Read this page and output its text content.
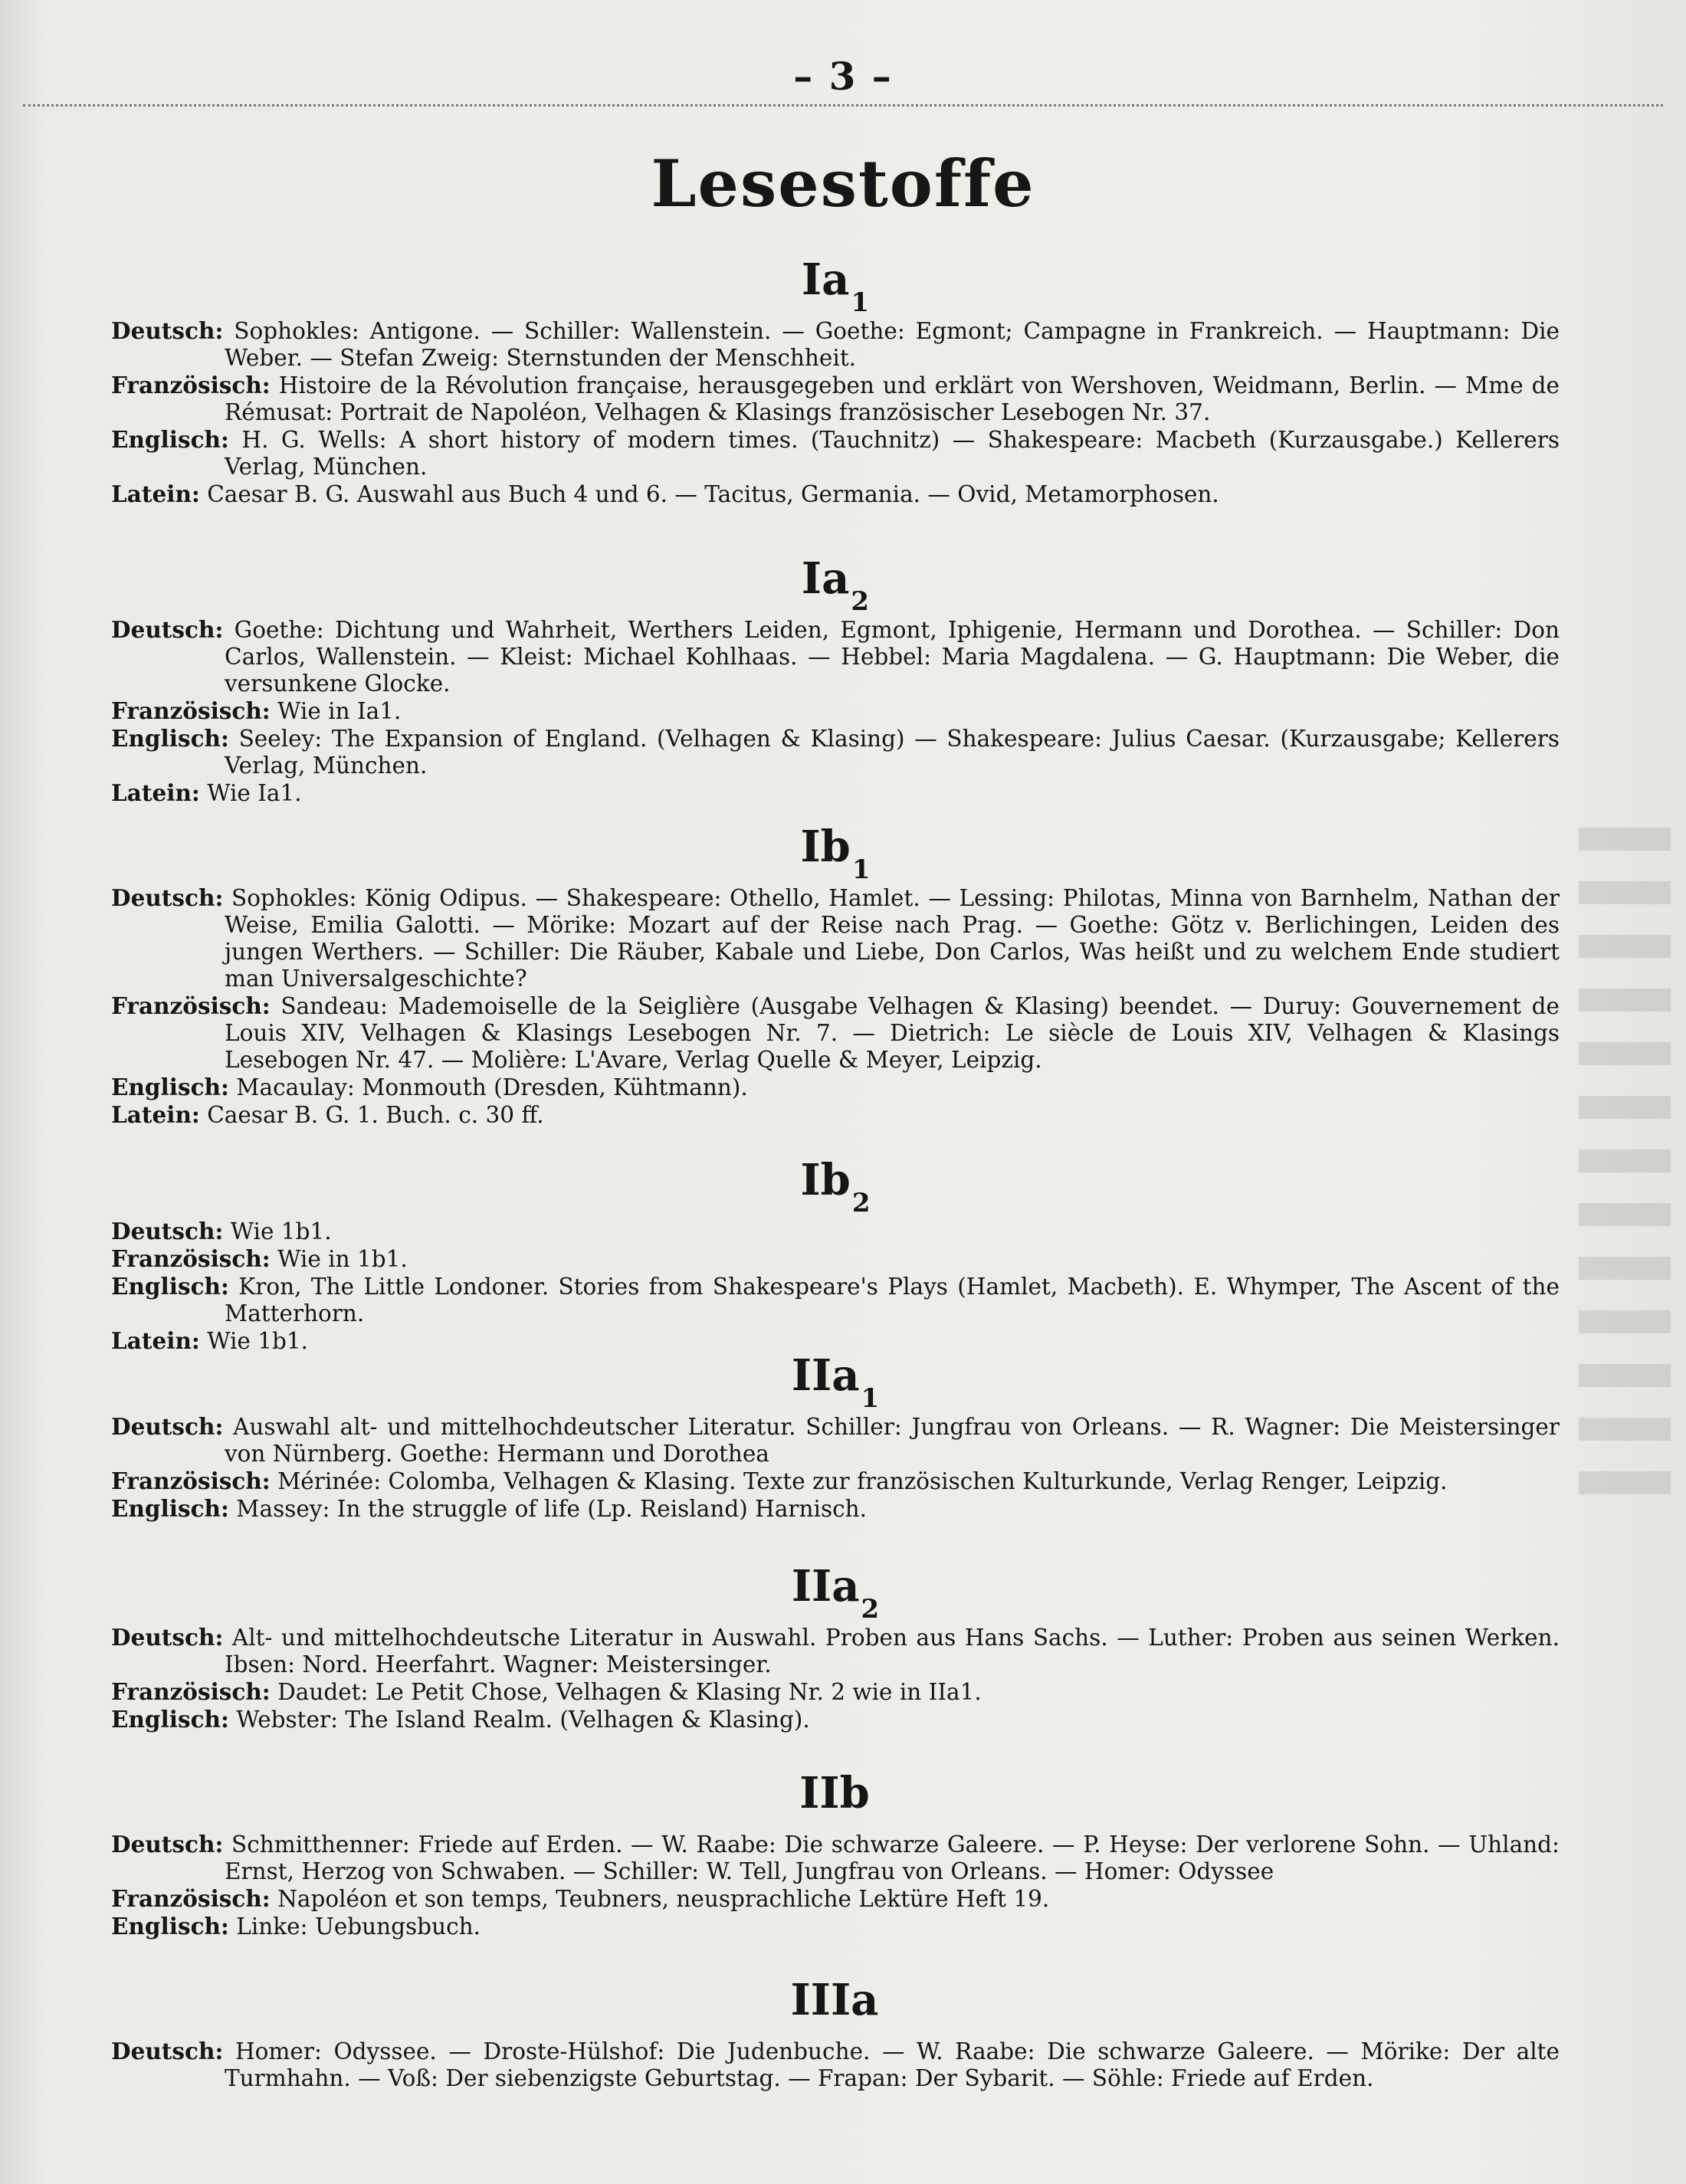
– 3 –
Lesestoffe
$Ia_1$
Deutsch: Sophokles: Antigone. — Schiller: Wallenstein. — Goethe: Egmont; Campagne in Frankreich. — Hauptmann: Die Weber. — Stefan Zweig: Sternstunden der Menschheit.
Französisch: Histoire de la Révolution française, herausgegeben und erklärt von Wershoven, Weidmann, Berlin. — Mme de Rémusat: Portrait de Napoléon, Velhagen & Klasings französischer Lesebogen Nr. 37.
Englisch: H. G. Wells: A short history of modern times. (Tauchnitz) — Shakespeare: Macbeth (Kurzausgabe.) Kellerers Verlag, München.
Latein: Caesar B. G. Auswahl aus Buch 4 und 6. — Tacitus, Germania. — Ovid, Metamorphosen.
$Ia_2$
Deutsch: Goethe: Dichtung und Wahrheit, Werthers Leiden, Egmont, Iphigenie, Hermann und Dorothea. — Schiller: Don Carlos, Wallenstein. — Kleist: Michael Kohlhaas. — Hebbel: Maria Magdalena. — G. Hauptmann: Die Weber, die versunkene Glocke.
Französisch: Wie in Ia1.
Englisch: Seeley: The Expansion of England. (Velhagen & Klasing) — Shakespeare: Julius Caesar. (Kurzausgabe; Kellerers Verlag, München.
Latein: Wie Ia1.
$Ib_1$
Deutsch: Sophokles: König Odipus. — Shakespeare: Othello, Hamlet. — Lessing: Philotas, Minna von Barnhelm, Nathan der Weise, Emilia Galotti. — Mörike: Mozart auf der Reise nach Prag. — Goethe: Götz v. Berlichingen, Leiden des jungen Werthers. — Schiller: Die Räuber, Kabale und Liebe, Don Carlos, Was heißt und zu welchem Ende studiert man Universalgeschichte?
Französisch: Sandeau: Mademoiselle de la Seiglière (Ausgabe Velhagen & Klasing) beendet. — Duruy: Gouvernement de Louis XIV, Velhagen & Klasings Lesebogen Nr. 7. — Dietrich: Le siècle de Louis XIV, Velhagen & Klasings Lesebogen Nr. 47. — Molière: L'Avare, Verlag Quelle & Meyer, Leipzig.
Englisch: Macaulay: Monmouth (Dresden, Kühtmann).
Latein: Caesar B. G. 1. Buch. c. 30 ff.
$Ib_2$
Deutsch: Wie 1b1.
Französisch: Wie in 1b1.
Englisch: Kron, The Little Londoner. Stories from Shakespeare's Plays (Hamlet, Macbeth). E. Whymper, The Ascent of the Matterhorn.
Latein: Wie 1b1.
IIa$_1$
Deutsch: Auswahl alt- und mittelhochdeutscher Literatur. Schiller: Jungfrau von Orleans. — R. Wagner: Die Meistersinger von Nürnberg. Goethe: Hermann und Dorothea
Französisch: Mérinée: Colomba, Velhagen & Klasing. Texte zur französischen Kulturkunde, Verlag Renger, Leipzig.
Englisch: Massey: In the struggle of life (Lp. Reisland) Harnisch.
IIa$_2$
Deutsch: Alt- und mittelhochdeutsche Literatur in Auswahl. Proben aus Hans Sachs. — Luther: Proben aus seinen Werken. Ibsen: Nord. Heerfahrt. Wagner: Meistersinger.
Französisch: Daudet: Le Petit Chose, Velhagen & Klasing Nr. 2 wie in IIa1.
Englisch: Webster: The Island Realm. (Velhagen & Klasing).
IIb
Deutsch: Schmitthenner: Friede auf Erden. — W. Raabe: Die schwarze Galeere. — P. Heyse: Der verlorene Sohn. — Uhland: Ernst, Herzog von Schwaben. — Schiller: W. Tell, Jungfrau von Orleans. — Homer: Odyssee
Französisch: Napoléon et son temps, Teubners, neusprachliche Lektüre Heft 19.
Englisch: Linke: Uebungsbuch.
IIIa
Deutsch: Homer: Odyssee. — Droste-Hülshof: Die Judenbuche. — W. Raabe: Die schwarze Galeere. — Mörike: Der alte Turmhahn. — Voß: Der siebenzigste Geburtstag. — Frapan: Der Sybarit. — Söhle: Friede auf Erden.
